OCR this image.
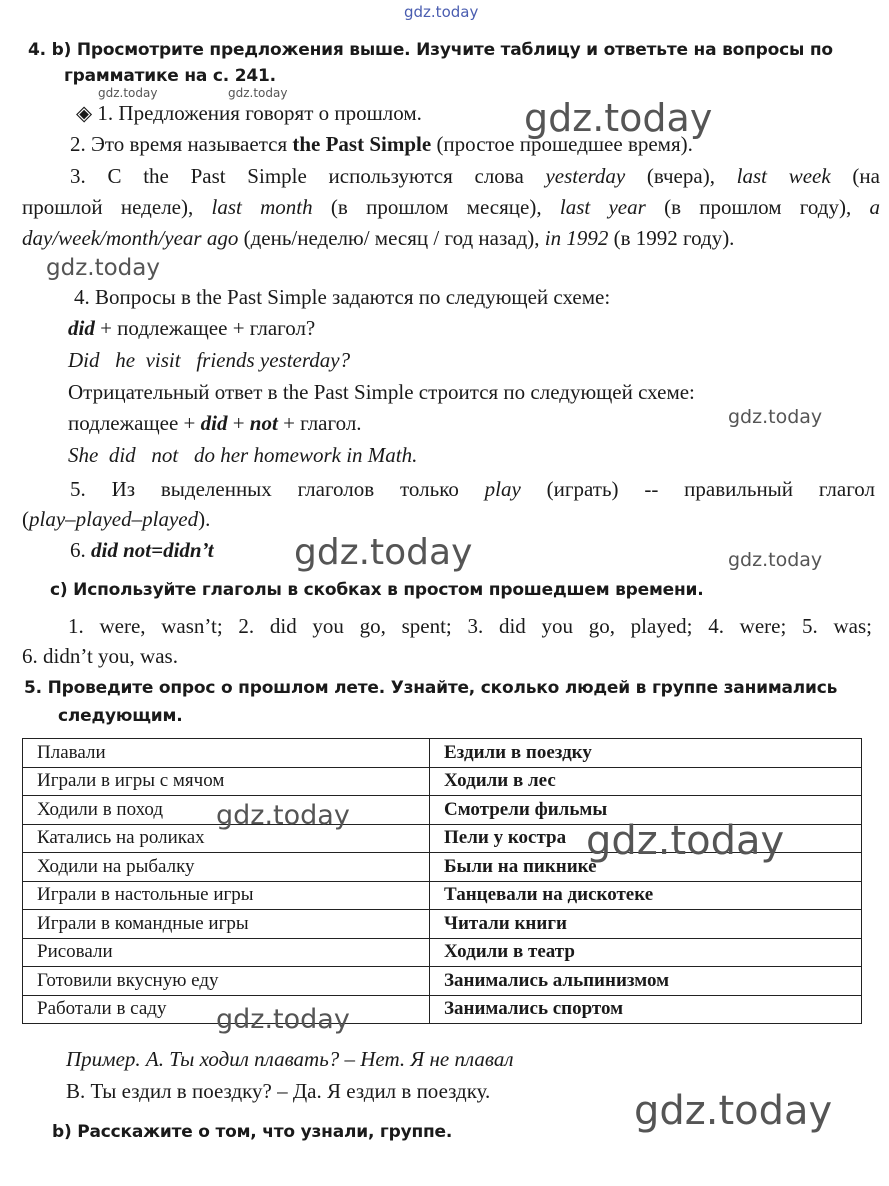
gdz.today
4. b) Просмотрите предложения выше. Изучите таблицу и ответьте на вопросы по
грамматике на с. 241.
gdz.today	gdz.today
◈ 1. Предложения говорят о прошлом.	gdz.today
2. Это время называется the Past Simple (простое прошедшее время).
3. С the Past Simple используются слова yesterday (вчера), last week (на
прошлой неделе), last month (в прошлом месяце), last year (в прошлом году), a
day/week/month/year ago (день/неделю/ месяц / год назад), in 1992 (в 1992 году).
gdz.today
4. Вопросы в the Past Simple задаются по следующей схеме:
did + подлежащее + глагол?
Did   he  visit   friends yesterday?
Отрицательный ответ в the Past Simple строится по следующей схеме:
подлежащее + did + not + глагол.	gdz.today
She  did   not   do her homework in Math.
5. Из выделенных глаголов только play (играть) -- правильный глагол
(play–played–played).
6. did not=didn’t gdz.today	gdz.today
с) Используйте глаголы в скобках в простом прошедшем времени.
1. were, wasn’t; 2. did you go, spent; 3. did you go, played; 4. were; 5. was;
6. didn’t you, was.
5. Проведите опрос о прошлом лете. Узнайте, сколько людей в группе занимались
следующим.
Плавали	Ездили в поездку
Играли в игры с мячом	Ходили в лес
Ходили в поход	Смотрели фильмы
Катались на роликах	Пели у костра
Ходили на рыбалку	Были на пикнике
Играли в настольные игры	Танцевали на дискотеке
Играли в командные игры	Читали книги
Рисовали	Ходили в театр
Готовили вкусную еду	Занимались альпинизмом
Работали в саду	Занимались спортом
gdz.today
gdz.today
gdz.today
Пример. А. Ты ходил плавать? – Нет. Я не плавал
В. Ты ездил в поездку? – Да. Я ездил в поездку.	gdz.today
b) Расскажите о том, что узнали, группе.
